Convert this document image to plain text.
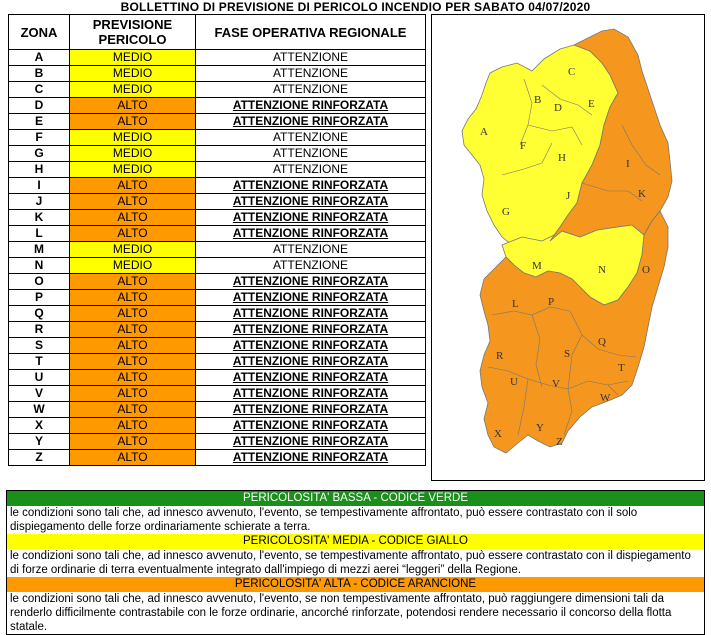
BOLLETTINO DI PREVISIONE DI PERICOLO INCENDIO PER SABATO 04/07/2020
ZONA	PREVISIONE PERICOLO	FASE OPERATIVA REGIONALE
A	MEDIO	ATTENZIONE
B	MEDIO	ATTENZIONE
C	MEDIO	ATTENZIONE
D	ALTO	ATTENZIONE RINFORZATA
E	ALTO	ATTENZIONE RINFORZATA
F	MEDIO	ATTENZIONE
G	MEDIO	ATTENZIONE
H	MEDIO	ATTENZIONE
I	ALTO	ATTENZIONE RINFORZATA
J	ALTO	ATTENZIONE RINFORZATA
K	ALTO	ATTENZIONE RINFORZATA
L	ALTO	ATTENZIONE RINFORZATA
M	MEDIO	ATTENZIONE
N	MEDIO	ATTENZIONE
O	ALTO	ATTENZIONE RINFORZATA
P	ALTO	ATTENZIONE RINFORZATA
Q	ALTO	ATTENZIONE RINFORZATA
R	ALTO	ATTENZIONE RINFORZATA
S	ALTO	ATTENZIONE RINFORZATA
T	ALTO	ATTENZIONE RINFORZATA
U	ALTO	ATTENZIONE RINFORZATA
V	ALTO	ATTENZIONE RINFORZATA
W	ALTO	ATTENZIONE RINFORZATA
X	ALTO	ATTENZIONE RINFORZATA
Y	ALTO	ATTENZIONE RINFORZATA
Z	ALTO	ATTENZIONE RINFORZATA
A
B
C
D E
F
G
H	I
J	K
L
M	N	O
P
Q
R	S
T
U	V
W
X	Y
Z
PERICOLOSITA' BASSA - CODICE VERDE
le condizioni sono tali che, ad innesco avvenuto, l'evento, se tempestivamente affrontato, può essere contrastato con il solo dispiegamento delle forze ordinariamente schierate a terra.
PERICOLOSITA' MEDIA - CODICE GIALLO
le condizioni sono tali che, ad innesco avvenuto, l'evento, se tempestivamente affrontato, può essere contrastato con il dispiegamento di forze ordinarie di terra eventualmente integrato dall'impiego di mezzi aerei “leggeri” della Regione.
PERICOLOSITA' ALTA - CODICE ARANCIONE
le condizioni sono tali che, ad innesco avvenuto, l'evento, se non tempestivamente affrontato, può raggiungere dimensioni tali da renderlo difficilmente contrastabile con le forze ordinarie, ancorché rinforzate, potendosi rendere necessario il concorso della flotta statale.
